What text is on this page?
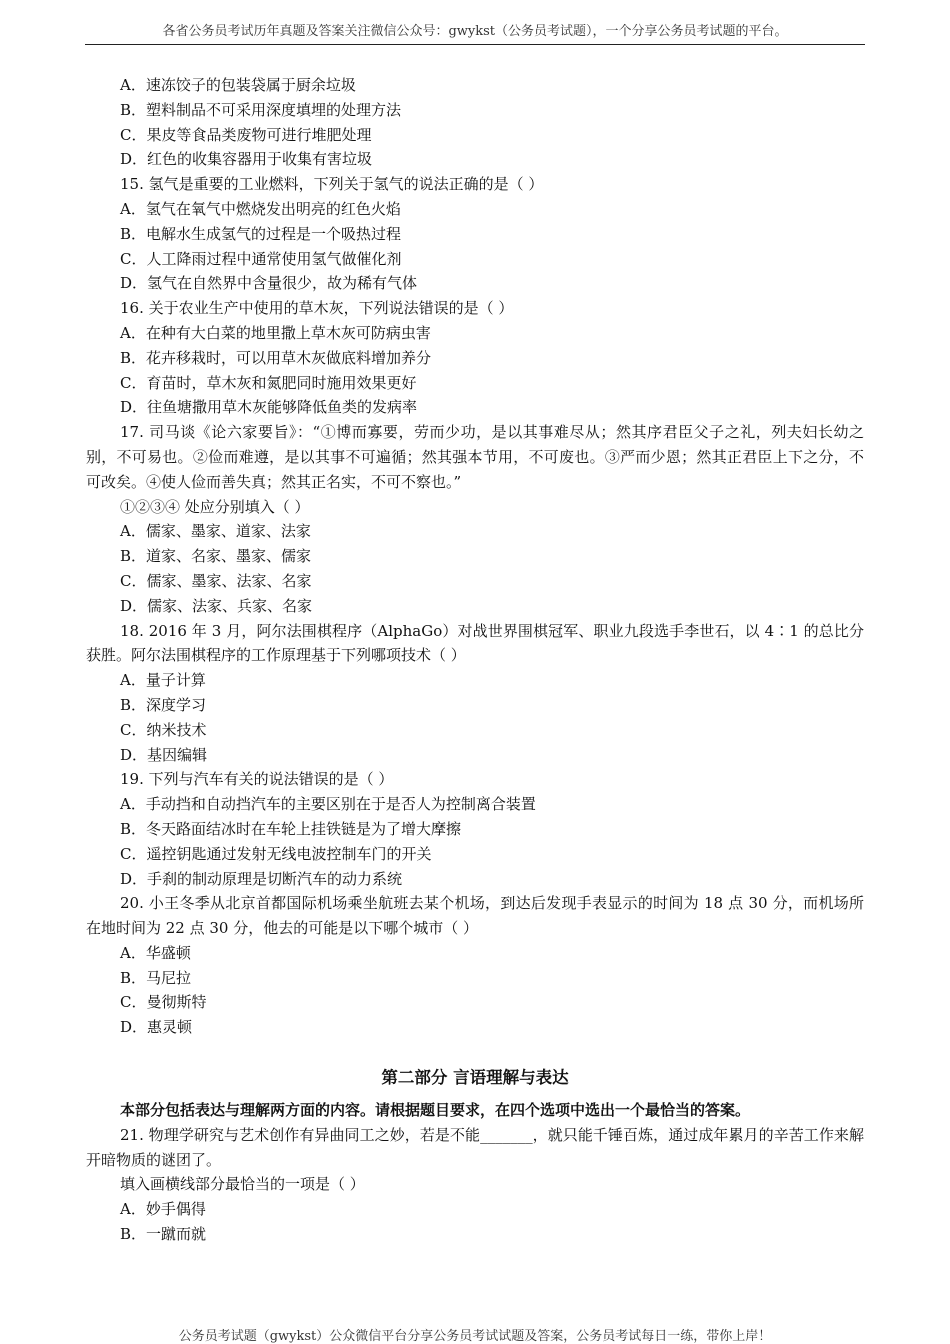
各省公务员考试历年真题及答案关注微信公众号：gwykst（公务员考试题），一个分享公务员考试题的平台。

A．速冻饺子的包装袋属于厨余垃圾

B．塑料制品不可采用深度填埋的处理方法

C．果皮等食品类废物可进行堆肥处理

D．红色的收集容器用于收集有害垃圾

15. 氢气是重要的工业燃料，下列关于氢气的说法正确的是（ ）

A．氢气在氧气中燃烧发出明亮的红色火焰

B．电解水生成氢气的过程是一个吸热过程

C．人工降雨过程中通常使用氢气做催化剂

D．氢气在自然界中含量很少，故为稀有气体

16. 关于农业生产中使用的草木灰，下列说法错误的是（ ）

A．在种有大白菜的地里撒上草木灰可防病虫害

B．花卉移栽时，可以用草木灰做底料增加养分

C．育苗时，草木灰和氮肥同时施用效果更好

D．往鱼塘撒用草木灰能够降低鱼类的发病率

17. 司马谈《论六家要旨》：“①博而寡要，劳而少功，是以其事难尽从；然其序君臣父子之礼，列夫妇长幼之别，不可易也。②俭而难遵，是以其事不可遍循；然其强本节用，不可废也。③严而少恩；然其正君臣上下之分，不可改矣。④使人俭而善失真；然其正名实，不可不察也。”

①②③④ 处应分别填入（ ）

A．儒家、墨家、道家、法家

B．道家、名家、墨家、儒家

C．儒家、墨家、法家、名家

D．儒家、法家、兵家、名家

18. 2016 年 3 月，阿尔法围棋程序（AlphaGo）对战世界围棋冠军、职业九段选手李世石，以 4∶1 的总比分获胜。阿尔法围棋程序的工作原理基于下列哪项技术（ ）

A．量子计算

B．深度学习

C．纳米技术

D．基因编辑

19. 下列与汽车有关的说法错误的是（ ）

A．手动挡和自动挡汽车的主要区别在于是否人为控制离合装置

B．冬天路面结冰时在车轮上挂铁链是为了增大摩擦

C．遥控钥匙通过发射无线电波控制车门的开关

D．手刹的制动原理是切断汽车的动力系统

20. 小王冬季从北京首都国际机场乘坐航班去某个机场，到达后发现手表显示的时间为 18 点 30 分，而机场所在地时间为 22 点 30 分，他去的可能是以下哪个城市（ ）

A．华盛顿

B．马尼拉

C．曼彻斯特

D．惠灵顿

第二部分 言语理解与表达

本部分包括表达与理解两方面的内容。请根据题目要求，在四个选项中选出一个最恰当的答案。

21. 物理学研究与艺术创作有异曲同工之妙，若是不能_______，就只能千锤百炼，通过成年累月的辛苦工作来解开暗物质的谜团了。

填入画横线部分最恰当的一项是（ ）

A．妙手偶得

B．一蹴而就

公务员考试题（gwykst）公众微信平台分享公务员考试试题及答案，公务员考试每日一练，带你上岸！
